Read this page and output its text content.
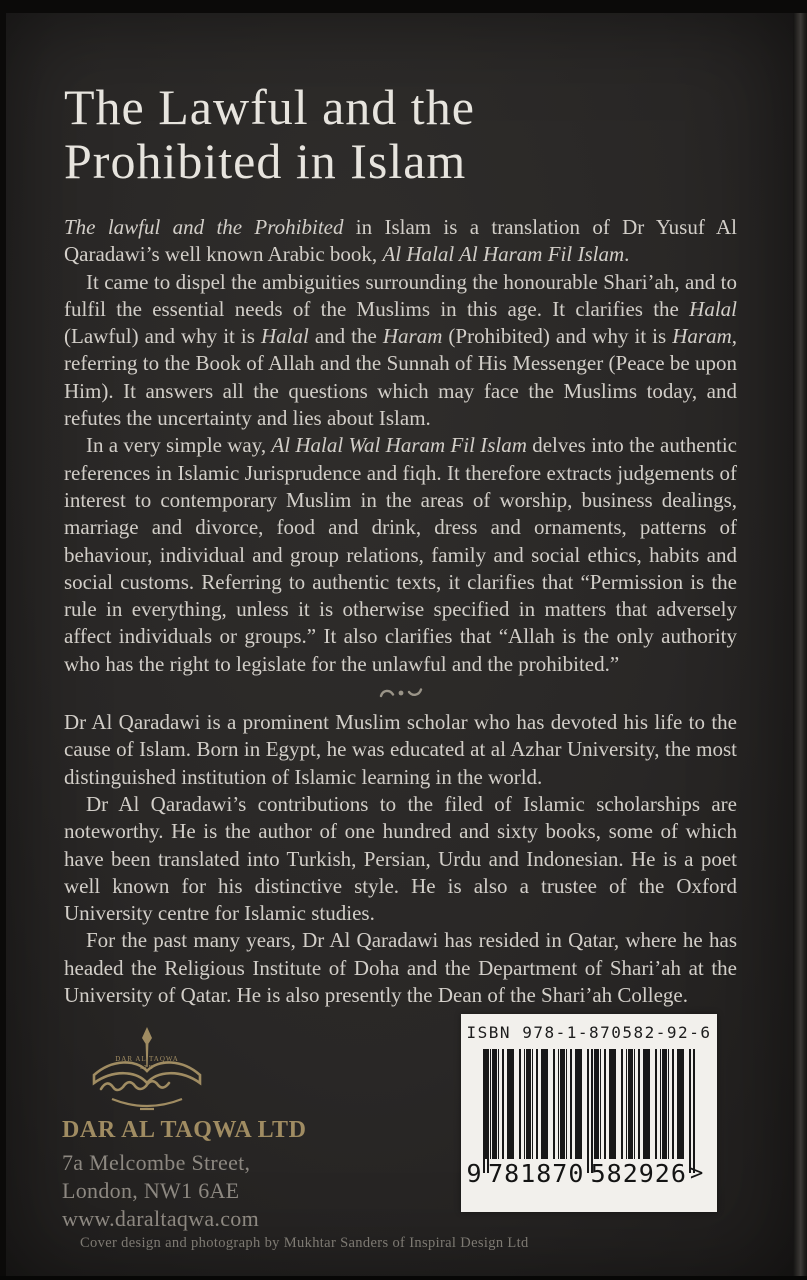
The Lawful and the
Prohibited in Islam

The lawful and the Prohibited in Islam is a translation of Dr Yusuf Al Qaradawi’s well known Arabic book, Al Halal Al Haram Fil Islam.

It came to dispel the ambiguities surrounding the honourable Shari’ah, and to fulfil the essential needs of the Muslims in this age. It clarifies the Halal (Lawful) and why it is Halal and the Haram (Prohibited) and why it is Haram, referring to the Book of Allah and the Sunnah of His Messenger (Peace be upon Him). It answers all the questions which may face the Muslims today, and refutes the uncertainty and lies about Islam.

In a very simple way, Al Halal Wal Haram Fil Islam delves into the authentic references in Islamic Jurisprudence and fiqh. It therefore extracts judgements of interest to contemporary Muslim in the areas of worship, business dealings, marriage and divorce, food and drink, dress and ornaments, patterns of behaviour, individual and group relations, family and social ethics, habits and social customs. Referring to authentic texts, it clarifies that “Permission is the rule in everything, unless it is otherwise specified in matters that adversely affect individuals or groups.” It also clarifies that “Allah is the only authority who has the right to legislate for the unlawful and the prohibited.”

Dr Al Qaradawi is a prominent Muslim scholar who has devoted his life to the cause of Islam. Born in Egypt, he was educated at al Azhar University, the most distinguished institution of Islamic learning in the world.

Dr Al Qaradawi’s contributions to the filed of Islamic scholarships are noteworthy. He is the author of one hundred and sixty books, some of which have been translated into Turkish, Persian, Urdu and Indonesian. He is a poet well known for his distinctive style. He is also a trustee of the Oxford University centre for Islamic studies.

For the past many years, Dr Al Qaradawi has resided in Qatar, where he has headed the Religious Institute of Doha and the Department of Shari’ah at the University of Qatar. He is also presently the Dean of the Shari’ah College.

DAR AL TAQWA
LTD
DAR AL TAQWA LTD
7a Melcombe Street,
London, NW1 6AE
www.daraltaqwa.com
ISBN 978-1-870582-92-6
9 781870 582926 >
Cover design and photograph by Mukhtar Sanders of Inspiral Design Ltd
